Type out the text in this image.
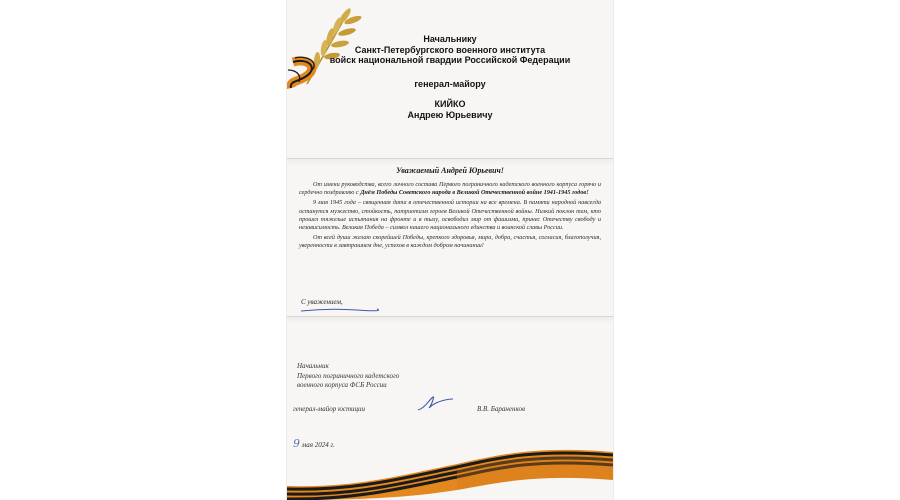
Начальнику
Санкт-Петербургского военного института
войск национальной гвардии Российской Федерации
генерал-майору
КИЙКО
Андрею Юрьевичу
Уважаемый Андрей Юрьевич!

От имени руководства, всего личного состава Первого пограничного кадетского военного корпуса горячо и сердечно поздравляю с Днём Победы Советского народа в Великой Отечественной войне 1941-1945 годов!

9 мая 1945 года – священная дата в отечественной истории на все времена. В памяти народной навсегда останутся мужество, стойкость, патриотизм героев Великой Отечественной войны. Низкий поклон тем, кто прошел тяжелые испытания на фронте и в тылу, освободил мир от фашизма, принес Отечеству свободу и независимость. Великая Победа – символ нашего национального единства и воинской славы России.

От всей души желаю скорейшей Победы, крепкого здоровья, мира, добра, счастья, согласия, благополучия, уверенности в завтрашнем дне, успехов в каждом добром начинании!

С уважением,
Начальник
Первого пограничного кадетского
военного корпуса ФСБ России
генерал-майор юстиции	В.В. Бараненков
9 мая 2024 г.
